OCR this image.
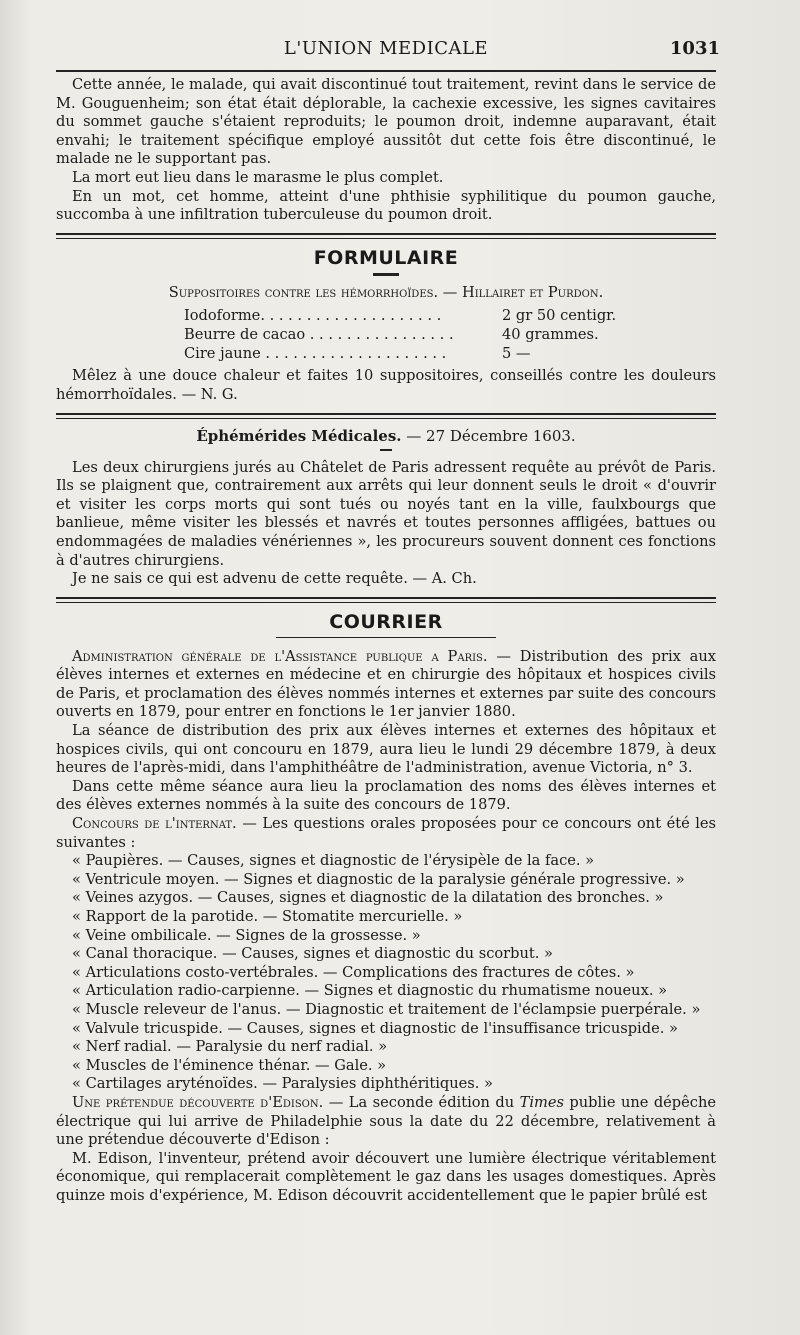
L'UNION MEDICALE	1031

Cette année, le malade, qui avait discontinué tout traitement, revint dans le service de M. Gouguenheim; son état était déplorable, la cachexie excessive, les signes cavitaires du sommet gauche s'étaient reproduits; le poumon droit, indemne auparavant, était envahi; le traitement spécifique employé aussitôt dut cette fois être discontinué, le malade ne le supportant pas.

La mort eut lieu dans le marasme le plus complet.

En un mot, cet homme, atteint d'une phthisie syphilitique du poumon gauche, succomba à une infiltration tuberculeuse du poumon droit.

FORMULAIRE

Suppositoires contre les hémorrhoïdes. — Hillairet et Purdon.

Iodoforme. . . . . . . . . . . . . . . . . . . .	2 gr 50 centigr.
Beurre de cacao . . . . . . . . . . . . . . . .	40 grammes.
Cire jaune . . . . . . . . . . . . . . . . . . . .	5 —

Mêlez à une douce chaleur et faites 10 suppositoires, conseillés contre les douleurs hémorrhoïdales. — N. G.

Éphémérides Médicales. — 27 Décembre 1603.

Les deux chirurgiens jurés au Châtelet de Paris adressent requête au prévôt de Paris. Ils se plaignent que, contrairement aux arrêts qui leur donnent seuls le droit « d'ouvrir et visiter les corps morts qui sont tués ou noyés tant en la ville, faulxbourgs que banlieue, même visiter les blessés et navrés et toutes personnes affligées, battues ou endommagées de maladies vénériennes », les procureurs souvent donnent ces fonctions à d'autres chirurgiens.

Je ne sais ce qui est advenu de cette requête. — A. Ch.

COURRIER

Administration générale de l'Assistance publique a Paris. — Distribution des prix aux élèves internes et externes en médecine et en chirurgie des hôpitaux et hospices civils de Paris, et proclamation des élèves nommés internes et externes par suite des concours ouverts en 1879, pour entrer en fonctions le 1er janvier 1880.

La séance de distribution des prix aux élèves internes et externes des hôpitaux et hospices civils, qui ont concouru en 1879, aura lieu le lundi 29 décembre 1879, à deux heures de l'après-midi, dans l'amphithéâtre de l'administration, avenue Victoria, n° 3.

Dans cette même séance aura lieu la proclamation des noms des élèves internes et des élèves externes nommés à la suite des concours de 1879.

Concours de l'internat. — Les questions orales proposées pour ce concours ont été les suivantes :

« Paupières. — Causes, signes et diagnostic de l'érysipèle de la face. »

« Ventricule moyen. — Signes et diagnostic de la paralysie générale progressive. »

« Veines azygos. — Causes, signes et diagnostic de la dilatation des bronches. »

« Rapport de la parotide. — Stomatite mercurielle. »

« Veine ombilicale. — Signes de la grossesse. »

« Canal thoracique. — Causes, signes et diagnostic du scorbut. »

« Articulations costo-vertébrales. — Complications des fractures de côtes. »

« Articulation radio-carpienne. — Signes et diagnostic du rhumatisme noueux. »

« Muscle releveur de l'anus. — Diagnostic et traitement de l'éclampsie puerpérale. »

« Valvule tricuspide. — Causes, signes et diagnostic de l'insuffisance tricuspide. »

« Nerf radial. — Paralysie du nerf radial. »

« Muscles de l'éminence thénar. — Gale. »

« Cartilages aryténoïdes. — Paralysies diphthéritiques. »

Une prétendue découverte d'Edison. — La seconde édition du Times publie une dépêche électrique qui lui arrive de Philadelphie sous la date du 22 décembre, relativement à une prétendue découverte d'Edison :

M. Edison, l'inventeur, prétend avoir découvert une lumière électrique véritablement économique, qui remplacerait complètement le gaz dans les usages domestiques. Après quinze mois d'expérience, M. Edison découvrit accidentellement que le papier brûlé est
